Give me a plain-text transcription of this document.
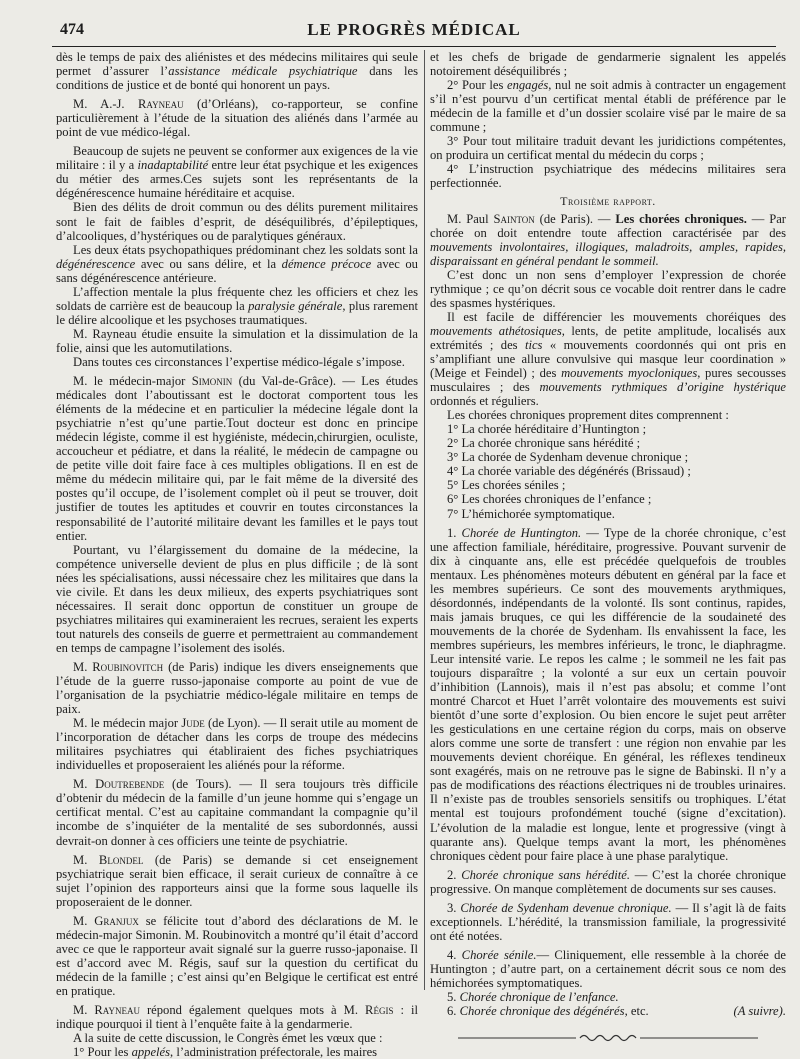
474	LE PROGRÈS MÉDICAL

dès le temps de paix des aliénistes et des médecins militaires qui seule permet d’assurer l’assistance médicale psychiatrique dans les conditions de justice et de bonté qui honorent un pays.

M. A.-J. Rayneau (d’Orléans), co-rapporteur, se confine particulièrement à l’étude de la situation des aliénés dans l’armée au point de vue médico-légal.

Beaucoup de sujets ne peuvent se conformer aux exigences de la vie militaire : il y a inadaptabilité entre leur état psychique et les exigences du métier des armes.Ces sujets sont les représentants de la dégénérescence humaine héréditaire et acquise.

Bien des délits de droit commun ou des délits purement militaires sont le fait de faibles d’esprit, de déséquilibrés, d’épileptiques, d’alcooliques, d’hystériques ou de paralytiques généraux.

Les deux états psychopathiques prédominant chez les soldats sont la dégénérescence avec ou sans délire, et la démence précoce avec ou sans dégénérescence antérieure.

L’affection mentale la plus fréquente chez les officiers et chez les soldats de carrière est de beaucoup la paralysie générale, plus rarement le délire alcoolique et les psychoses traumatiques.

M. Rayneau étudie ensuite la simulation et la dissimulation de la folie, ainsi que les automutilations.

Dans toutes ces circonstances l’expertise médico-légale s’impose.

M. le médecin-major Simonin (du Val-de-Grâce). — Les études médicales dont l’aboutissant est le doctorat comportent tous les éléments de la médecine et en particulier la médecine légale dont la psychiatrie n’est qu’une partie.Tout docteur est donc en principe médecin légiste, comme il est hygiéniste, médecin,chirurgien, oculiste, accoucheur et pédiatre, et dans la réalité, le médecin de campagne ou de petite ville doit faire face à ces multiples obligations. Il en est de même du médecin militaire qui, par le fait même de la diversité des postes qu’il occupe, de l’isolement complet où il peut se trouver, doit justifier de toutes les aptitudes et couvrir en toutes circonstances la responsabilité de l’autorité militaire devant les familles et le pays tout entier.

Pourtant, vu l’élargissement du domaine de la médecine, la compétence universelle devient de plus en plus difficile ; de là sont nées les spécialisations, aussi nécessaire chez les militaires que dans la vie civile. Et dans les deux milieux, des experts psychiatriques sont nécessaires. Il serait donc opportun de constituer un groupe de psychiatres militaires qui examineraient les recrues, seraient les experts tout naturels des conseils de guerre et permettraient au commandement en temps de campagne l’isolement des isolés.

M. Roubinovitch (de Paris) indique les divers enseignements que l’étude de la guerre russo-japonaise comporte au point de vue de l’organisation de la psychiatrie médico-légale militaire en temps de paix.

M. le médecin major Jude (de Lyon). — Il serait utile au moment de l’incorporation de détacher dans les corps de troupe des médecins militaires psychiatres qui établiraient des fiches psychiatriques individuelles et proposeraient les aliénés pour la réforme.

M. Doutrebende (de Tours). — Il sera toujours très difficile d’obtenir du médecin de la famille d’un jeune homme qui s’engage un certificat mental. C’est au capitaine commandant la compagnie qu’il incombe de s’inquiéter de la mentalité de ses subordonnés, aussi devrait-on donner à ces officiers une teinte de psychiatrie.

M. Blondel (de Paris) se demande si cet enseignement psychiatrique serait bien efficace, il serait curieux de connaître à ce sujet l’opinion des rapporteurs ainsi que la forme sous laquelle ils proposeraient de le donner.

M. Granjux se félicite tout d’abord des déclarations de M. le médecin-major Simonin. M. Roubinovitch a montré qu’il était d’accord avec ce que le rapporteur avait signalé sur la guerre russo-japonaise. Il est d’accord avec M. Régis, sauf sur la question du certificat du médecin de la famille ; c’est ainsi qu’en Belgique le certificat est entré en pratique.

M. Rayneau répond également quelques mots à M. Régis : il indique pourquoi il tient à l’enquête faite à la gendarmerie.

A la suite de cette discussion, le Congrès émet les vœux que :

1° Pour les appelés, l’administration préfectorale, les maires

et les chefs de brigade de gendarmerie signalent les appelés notoirement déséquilibrés ;

2° Pour les engagés, nul ne soit admis à contracter un engagement s’il n’est pourvu d’un certificat mental établi de préférence par le médecin de la famille et d’un dossier scolaire visé par le maire de sa commune ;

3° Pour tout militaire traduit devant les juridictions compétentes, on produira un certificat mental du médecin du corps ;

4° L’instruction psychiatrique des médecins militaires sera perfectionnée.

Troisième rapport.

M. Paul Sainton (de Paris). — Les chorées chroniques. — Par chorée on doit entendre toute affection caractérisée par des mouvements involontaires, illogiques, maladroits, amples, rapides, disparaissant en général pendant le sommeil.

C’est donc un non sens d’employer l’expression de chorée rythmique ; ce qu’on décrit sous ce vocable doit rentrer dans le cadre des spasmes hystériques.

Il est facile de différencier les mouvements choréiques des mouvements athétosiques, lents, de petite amplitude, localisés aux extrémités ; des tics « mouvements coordonnés qui ont pris en s’amplifiant une allure convulsive qui masque leur coordination » (Meige et Feindel) ; des mouvements myocloniques, pures secousses musculaires ; des mouvements rythmiques d’origine hystérique ordonnés et réguliers.

Les chorées chroniques proprement dites comprennent :

1° La chorée héréditaire d’Huntington ;

2° La chorée chronique sans hérédité ;

3° La chorée de Sydenham devenue chronique ;

4° La chorée variable des dégénérés (Brissaud) ;

5° Les chorées séniles ;

6° Les chorées chroniques de l’enfance ;

7° L’hémichorée symptomatique.

1. Chorée de Huntington. — Type de la chorée chronique, c’est une affection familiale, héréditaire, progressive. Pouvant survenir de dix à cinquante ans, elle est précédée quelquefois de troubles mentaux. Les phénomènes moteurs débutent en général par la face et les membres supérieurs. Ce sont des mouvements arythmiques, désordonnés, indépendants de la volonté. Ils sont continus, rapides, mais jamais bruques, ce qui les différencie de la soudaineté des mouvements de la chorée de Sydenham. Ils envahissent la face, les membres supérieurs, les membres inférieurs, le tronc, le diaphragme. Leur intensité varie. Le repos les calme ; le sommeil ne les fait pas toujours disparaître ; la volonté a sur eux un certain pouvoir d’inhibition (Lannois), mais il n’est pas absolu; et comme l’ont montré Charcot et Huet l’arrêt volontaire des mouvements est suivi bientôt d’une sorte d’explosion. Ou bien encore le sujet peut arrêter les gesticulations en une certaine région du corps, mais on observe alors comme une sorte de transfert : une région non envahie par les mouvements devient choréique. En général, les réflexes tendineux sont exagérés, mais on ne retrouve pas le signe de Babinski. Il n’y a pas de modifications des réactions électriques ni de troubles urinaires. Il n’existe pas de troubles sensoriels sensitifs ou trophiques. L’état mental est toujours profondément touché (signe d’excitation). L’évolution de la maladie est longue, lente et progressive (vingt à quarante ans). Quelque temps avant la mort, les phénomènes chroniques cèdent pour faire place à une phase paralytique.

2. Chorée chronique sans hérédité. — C’est la chorée chronique progressive. On manque complètement de documents sur ses causes.

3. Chorée de Sydenham devenue chronique. — Il s’agit là de faits exceptionnels. L’hérédité, la transmission familiale, la progressivité ont été notées.

4. Chorée sénile.— Cliniquement, elle ressemble à la chorée de Huntington ; d’autre part, on a certainement décrit sous ce nom des hémichorées symptomatiques.

5. Chorée chronique de l’enfance.

6. Chorée chronique des dégénérés, etc.	(A suivre).
